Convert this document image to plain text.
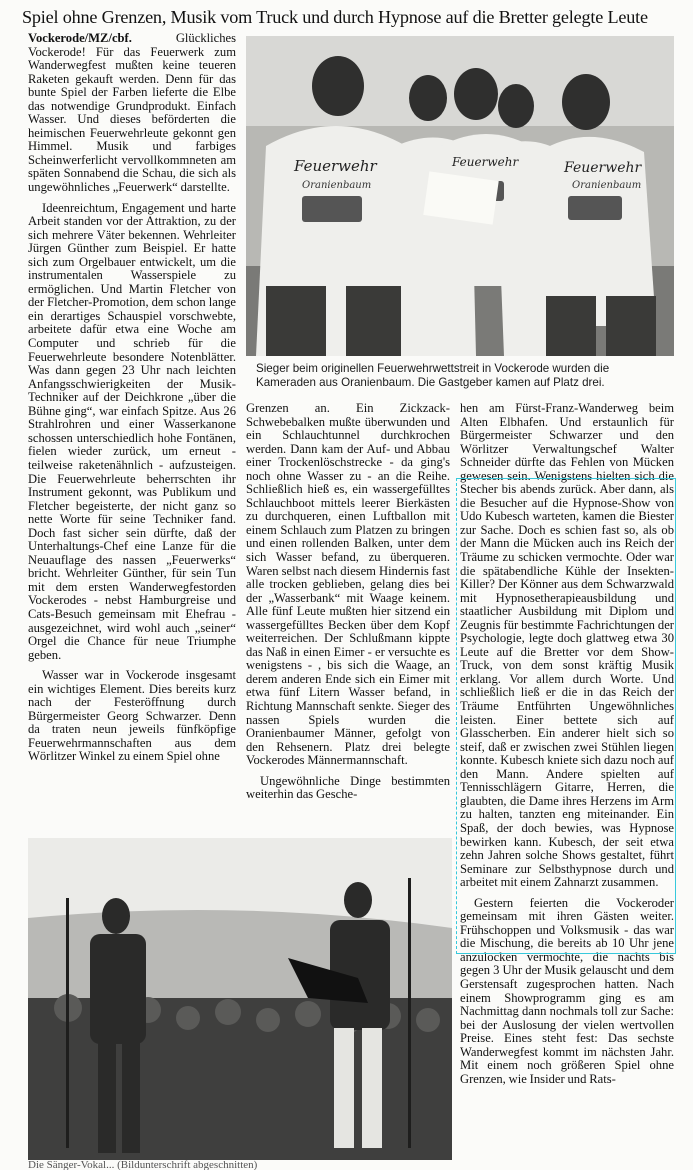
Spiel ohne Grenzen, Musik vom Truck und durch Hypnose auf die Bretter gelegte Leute

Vockerode/MZ/cbf. Glückliches Vockerode! Für das Feuerwerk zum Wanderwegfest mußten keine teueren Raketen gekauft werden. Denn für das bunte Spiel der Farben lieferte die Elbe das notwendige Grundprodukt. Einfach Wasser. Und dieses beförderten die heimischen Feuerwehrleute gekonnt gen Himmel. Musik und farbiges Scheinwerferlicht vervollkommneten am späten Sonnabend die Schau, die sich als ungewöhnliches „Feuerwerk“ darstellte.

Ideenreichtum, Engagement und harte Arbeit standen vor der Attraktion, zu der sich mehrere Väter bekennen. Wehrleiter Jürgen Günther zum Beispiel. Er hatte sich zum Orgelbauer entwickelt, um die instrumentalen Wasserspiele zu ermöglichen. Und Martin Fletcher von der Fletcher-Promotion, dem schon lange ein derartiges Schauspiel vorschwebte, arbeitete dafür etwa eine Woche am Computer und schrieb für die Feuerwehrleute besondere Notenblätter. Was dann gegen 23 Uhr nach leichten Anfangsschwierigkeiten der Musik-Techniker auf der Deichkrone „über die Bühne ging“, war einfach Spitze. Aus 26 Strahlrohren und einer Wasserkanone schossen unterschiedlich hohe Fontänen, fielen wieder zurück, um erneut - teilweise raketenähnlich - aufzusteigen. Die Feuerwehrleute beherrschten ihr Instrument gekonnt, was Publikum und Fletcher begeisterte, der nicht ganz so nette Worte für seine Techniker fand. Doch fast sicher sein dürfte, daß der Unterhaltungs-Chef eine Lanze für die Neuauflage des nassen „Feuerwerks“ bricht. Wehrleiter Günther, für sein Tun mit dem ersten Wanderwegfestorden Vockerodes - nebst Hamburgreise und Cats-Besuch gemeinsam mit Ehefrau - ausgezeichnet, wird wohl auch „seiner“ Orgel die Chance für neue Triumphe geben.

Wasser war in Vockerode insgesamt ein wichtiges Element. Dies bereits kurz nach der Festeröffnung durch Bürgermeister Georg Schwarzer. Denn da traten neun jeweils fünfköpfige Feuerwehrmannschaften aus dem Wörlitzer Winkel zu einem Spiel ohne

Feuerwehr
Oranienbaum
Feuerwehr	Feuerwehr
Oranienbaum
Sieger beim originellen Feuerwehrwettstreit in Vockerode wurden die Kameraden aus Oranienbaum. Die Gastgeber kamen auf Platz drei.

Grenzen an. Ein Zickzack-Schwebebalken mußte überwunden und ein Schlauchtunnel durchkrochen werden. Dann kam der Auf- und Abbau einer Trockenlöschstrecke - da ging's noch ohne Wasser zu - an die Reihe. Schließlich hieß es, ein wassergefülltes Schlauchboot mittels leerer Bierkästen zu durchqueren, einen Luftballon mit einem Schlauch zum Platzen zu bringen und einen rollenden Balken, unter dem sich Wasser befand, zu überqueren. Waren selbst nach diesem Hindernis fast alle trocken geblieben, gelang dies bei der „Wasserbank“ mit Waage keinem. Alle fünf Leute mußten hier sitzend ein wassergefülltes Becken über dem Kopf weiterreichen. Der Schlußmann kippte das Naß in einen Eimer - er versuchte es wenigstens - , bis sich die Waage, an derem anderen Ende sich ein Eimer mit etwa fünf Litern Wasser befand, in Richtung Mannschaft senkte. Sieger des nassen Spiels wurden die Oranienbaumer Männer, gefolgt von den Rehsenern. Platz drei belegte Vockerodes Männermannschaft.

Ungewöhnliche Dinge bestimmten weiterhin das Gesche-

hen am Fürst-Franz-Wanderweg beim Alten Elbhafen. Und erstaunlich für Bürgermeister Schwarzer und den Wörlitzer Verwaltungschef Walter Schneider dürfte das Fehlen von Mücken gewesen sein. Wenigstens hielten sich die Stecher bis abends zurück. Aber dann, als die Besucher auf die Hypnose-Show von Udo Kubesch warteten, kamen die Biester zur Sache. Doch es schien fast so, als ob der Mann die Mücken auch ins Reich der Träume zu schicken vermochte. Oder war die spätabendliche Kühle der Insekten-Killer? Der Könner aus dem Schwarzwald mit Hypnosetherapieausbildung und staatlicher Ausbildung mit Diplom und Zeugnis für bestimmte Fachrichtungen der Psychologie, legte doch glattweg etwa 30 Leute auf die Bretter vor dem Show-Truck, von dem sonst kräftig Musik erklang. Vor allem durch Worte. Und schließlich ließ er die in das Reich der Träume Entführten Ungewöhnliches leisten. Einer bettete sich auf Glasscherben. Ein anderer hielt sich so steif, daß er zwischen zwei Stühlen liegen konnte. Kubesch kniete sich dazu noch auf den Mann. Andere spielten auf Tennisschlägern Gitarre, Herren, die glaubten, die Dame ihres Herzens im Arm zu halten, tanzten eng miteinander. Ein Spaß, der doch bewies, was Hypnose bewirken kann. Kubesch, der seit etwa zehn Jahren solche Shows gestaltet, führt Seminare zur Selbsthypnose durch und arbeitet mit einem Zahnarzt zusammen.

Gestern feierten die Vockeroder gemeinsam mit ihren Gästen weiter. Frühschoppen und Volksmusik - das war die Mischung, die bereits ab 10 Uhr jene anzulocken vermochte, die nachts bis gegen 3 Uhr der Musik gelauscht und dem Gerstensaft zugesprochen hatten. Nach einem Showprogramm ging es am Nachmittag dann nochmals toll zur Sache: bei der Auslosung der vielen wertvollen Preise. Eines steht fest: Das sechste Wanderwegfest kommt im nächsten Jahr. Mit einem noch größeren Spiel ohne Grenzen, wie Insider und Rats-

Die Sänger-Vokal... (Bildunterschrift abgeschnitten)
